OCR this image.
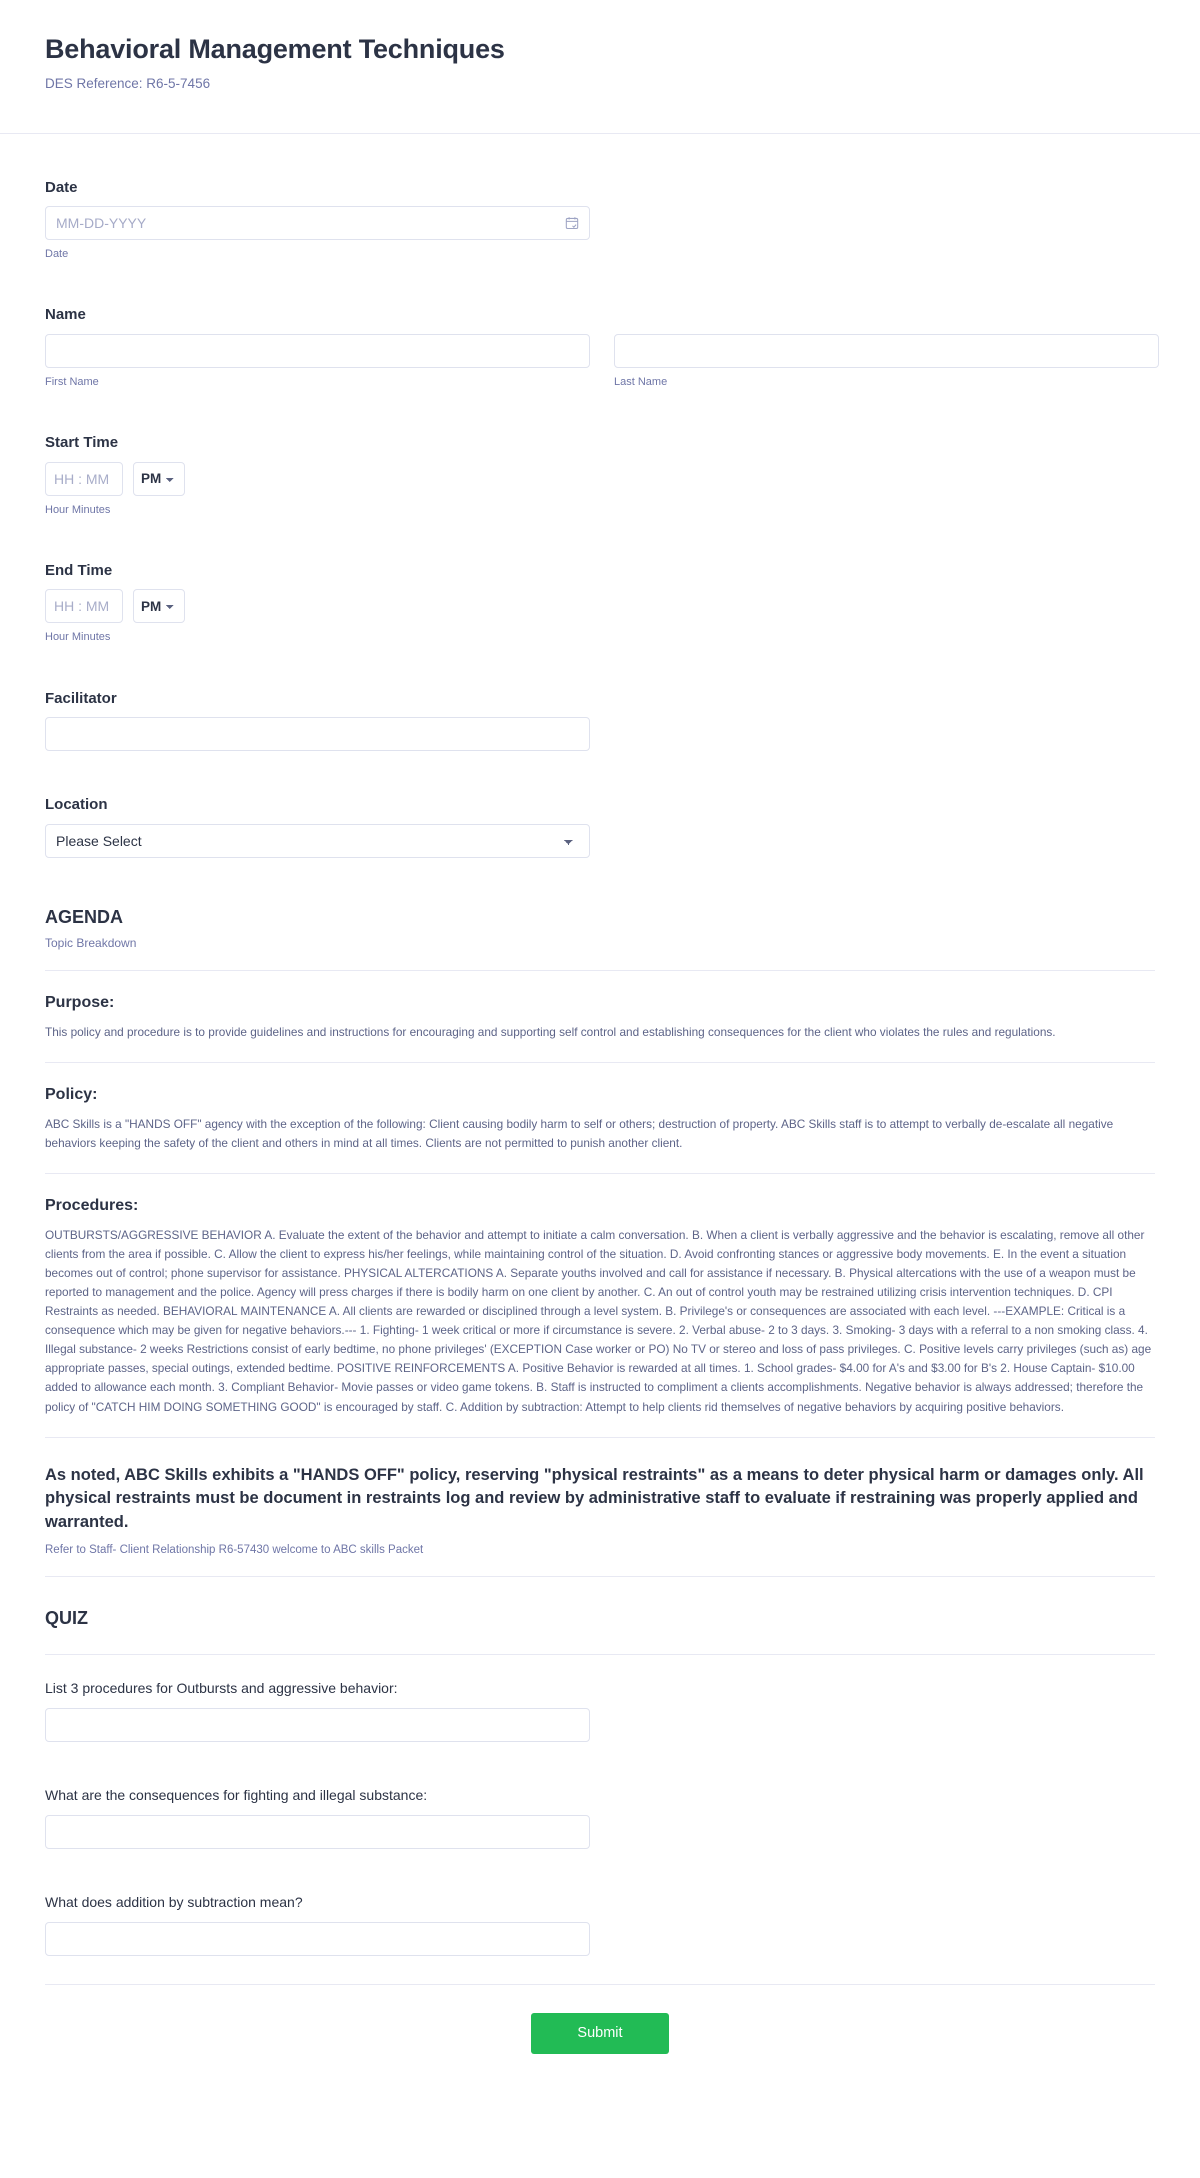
Behavioral Management Techniques

DES Reference: R6-5-7456

Date
MM-DD-YYYY
Date
Name
First Name	Last Name
Start Time
HH : MM
PM
Hour Minutes
End Time
HH : MM
PM
Hour Minutes
Facilitator
Location
Please Select
AGENDA

Topic Breakdown

Purpose:

This policy and procedure is to provide guidelines and instructions for encouraging and supporting self control and establishing consequences for the client who violates the rules and regulations.

Policy:

ABC Skills is a "HANDS OFF" agency with the exception of the following: Client causing bodily harm to self or others; destruction of property. ABC Skills staff is to attempt to verbally de-escalate all negative behaviors keeping the safety of the client and others in mind at all times. Clients are not permitted to punish another client.

Procedures:

OUTBURSTS/AGGRESSIVE BEHAVIOR A. Evaluate the extent of the behavior and attempt to initiate a calm conversation. B. When a client is verbally aggressive and the behavior is escalating, remove all other clients from the area if possible. C. Allow the client to express his/her feelings, while maintaining control of the situation. D. Avoid confronting stances or aggressive body movements. E. In the event a situation becomes out of control; phone supervisor for assistance. PHYSICAL ALTERCATIONS A. Separate youths involved and call for assistance if necessary. B. Physical altercations with the use of a weapon must be reported to management and the police. Agency will press charges if there is bodily harm on one client by another. C. An out of control youth may be restrained utilizing crisis intervention techniques. D. CPI Restraints as needed. BEHAVIORAL MAINTENANCE A. All clients are rewarded or disciplined through a level system. B. Privilege's or consequences are associated with each level. ---EXAMPLE: Critical is a consequence which may be given for negative behaviors.--- 1. Fighting- 1 week critical or more if circumstance is severe. 2. Verbal abuse- 2 to 3 days. 3. Smoking- 3 days with a referral to a non smoking class. 4. Illegal substance- 2 weeks Restrictions consist of early bedtime, no phone privileges' (EXCEPTION Case worker or PO) No TV or stereo and loss of pass privileges. C. Positive levels carry privileges (such as) age appropriate passes, special outings, extended bedtime. POSITIVE REINFORCEMENTS A. Positive Behavior is rewarded at all times. 1. School grades- $4.00 for A's and $3.00 for B's 2. House Captain- $10.00 added to allowance each month. 3. Compliant Behavior- Movie passes or video game tokens. B. Staff is instructed to compliment a clients accomplishments. Negative behavior is always addressed; therefore the policy of "CATCH HIM DOING SOMETHING GOOD" is encouraged by staff. C. Addition by subtraction: Attempt to help clients rid themselves of negative behaviors by acquiring positive behaviors.

As noted, ABC Skills exhibits a "HANDS OFF" policy, reserving "physical restraints" as a means to deter physical harm or damages only. All physical restraints must be document in restraints log and review by administrative staff to evaluate if restraining was properly applied and warranted.

Refer to Staff- Client Relationship R6-57430 welcome to ABC skills Packet

QUIZ
List 3 procedures for Outbursts and aggressive behavior:
What are the consequences for fighting and illegal substance:
What does addition by subtraction mean?
Submit
